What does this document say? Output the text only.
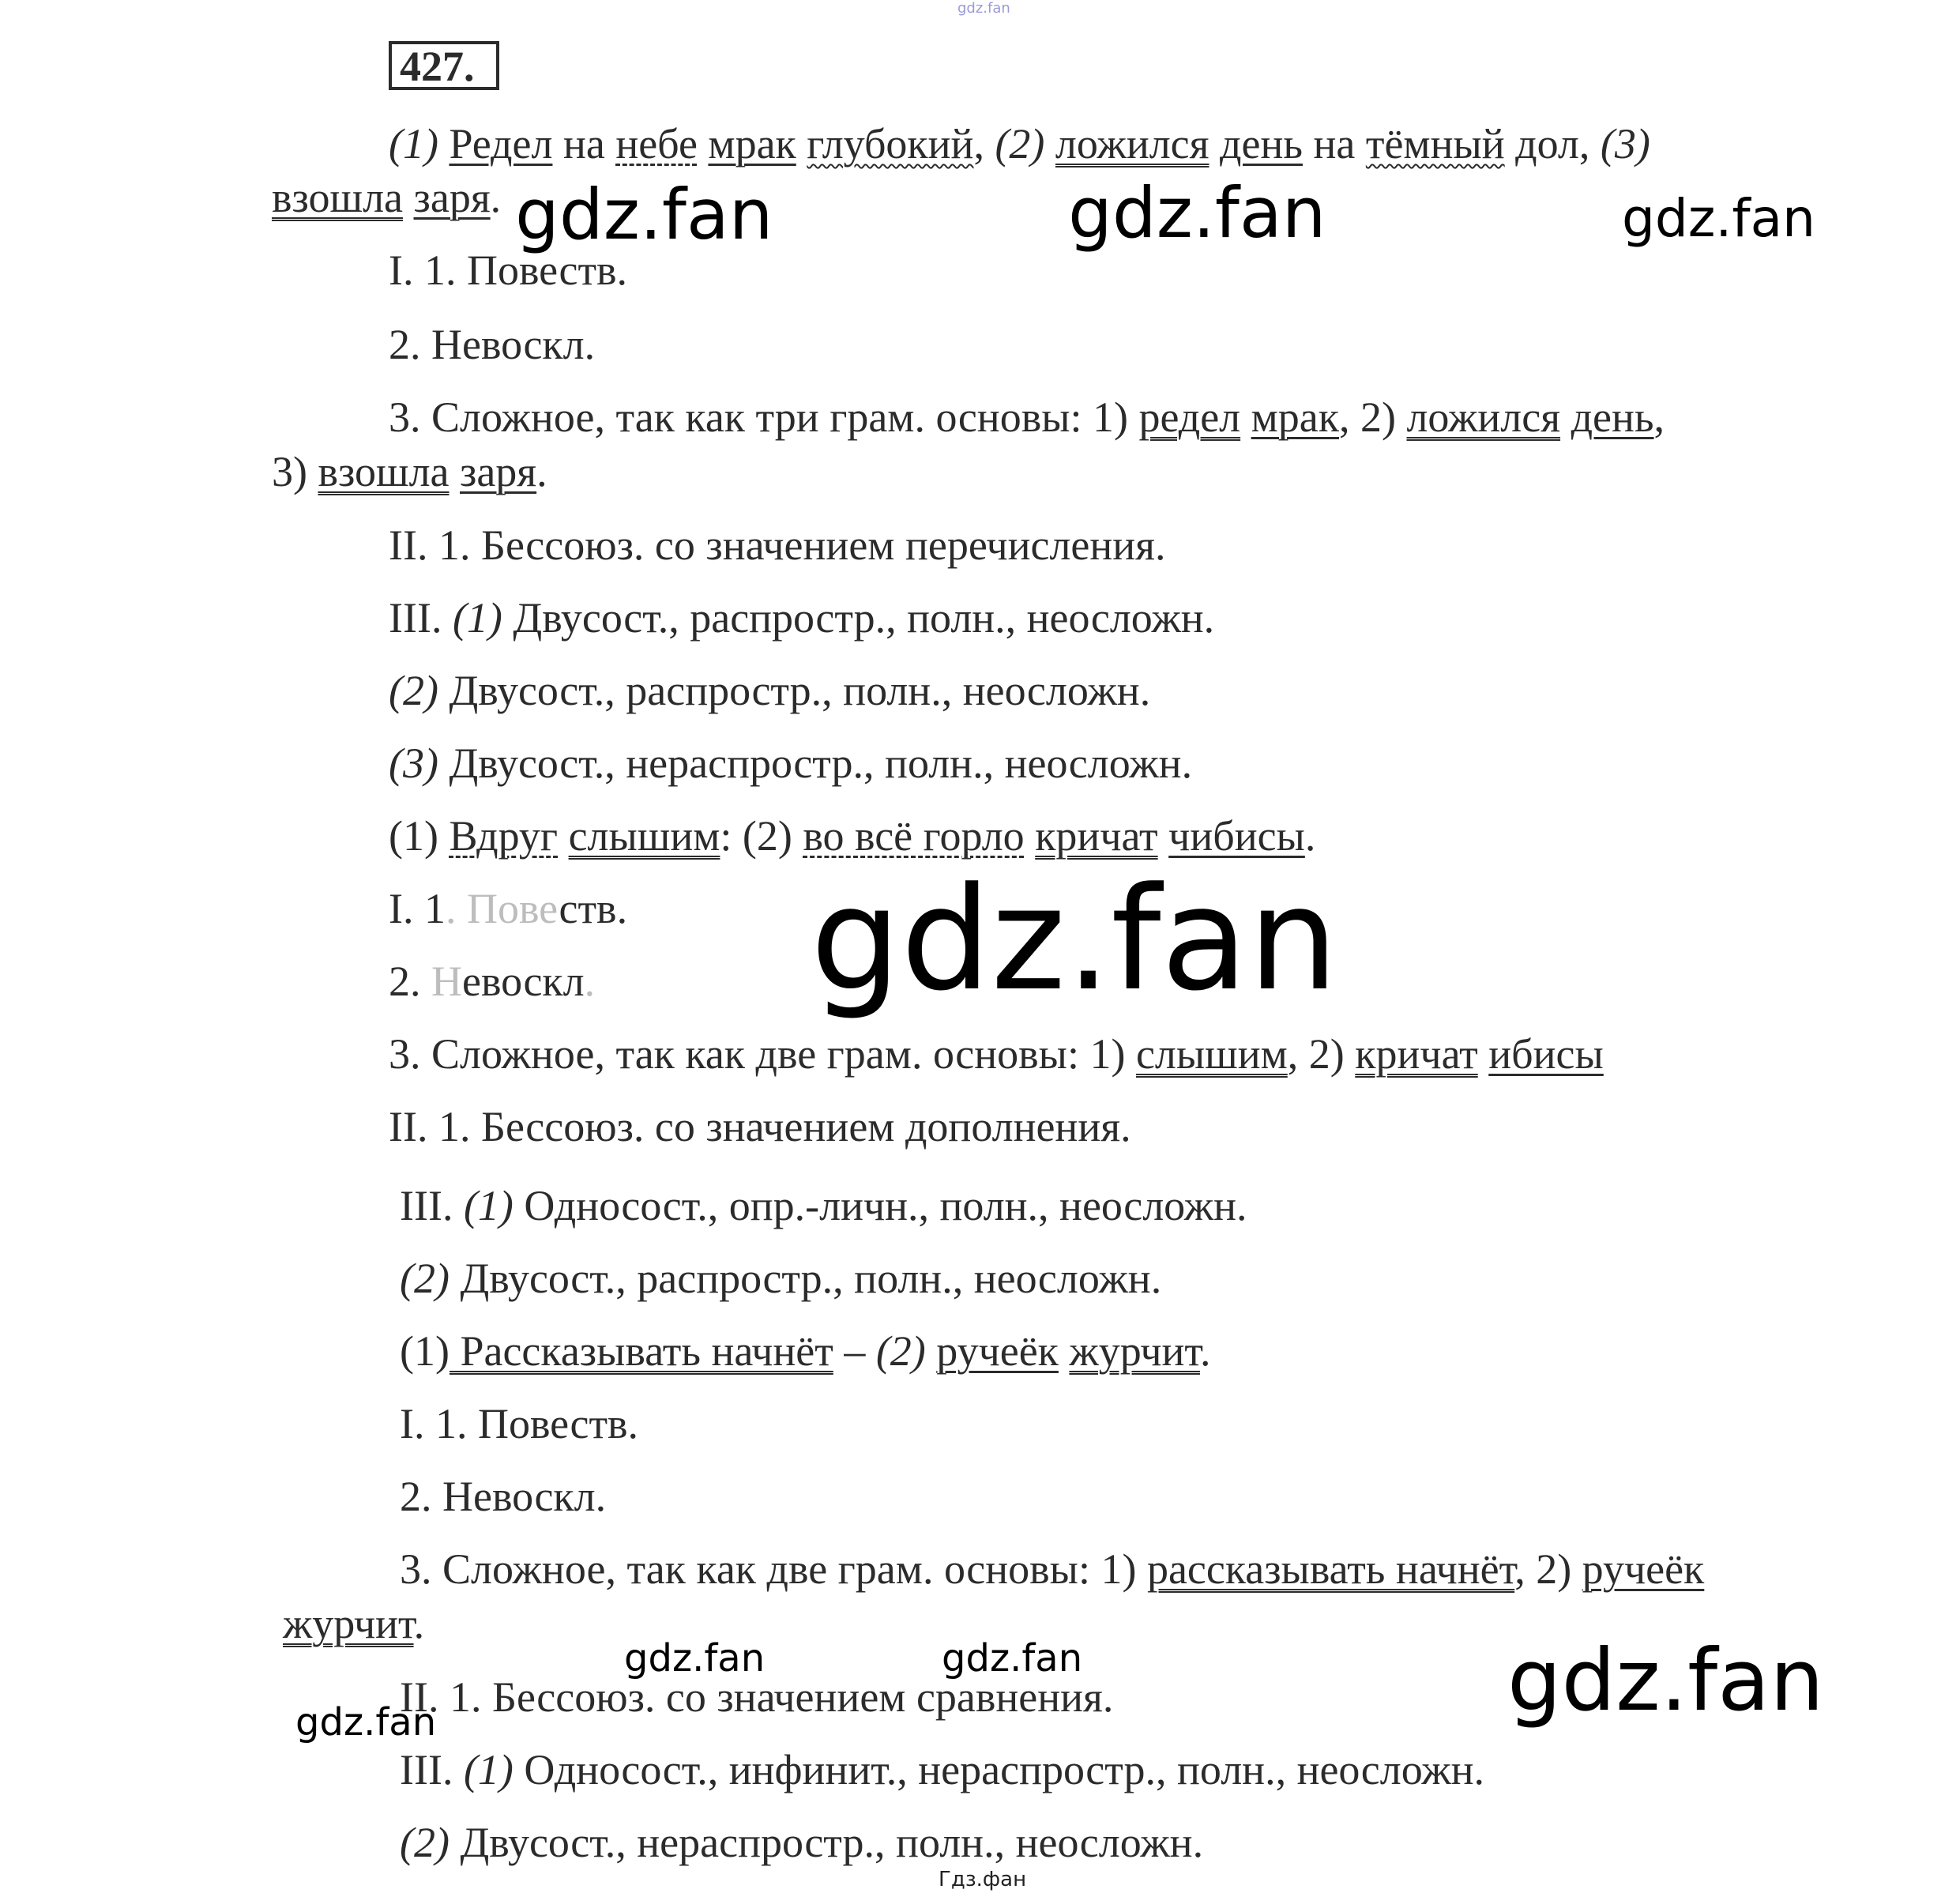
427.
(1) Редел на небе мрак глубокий, (2) ложился день на тёмный дол, (3)
взошла заря.
I. 1. Повеств.
2. Невоскл.
3. Сложное, так как три грам. основы: 1) редел мрак, 2) ложился день,
3) взошла заря.
II. 1. Бессоюз. со значением перечисления.
III. (1) Двусост., распростр., полн., неосложн.
(2) Двусост., распростр., полн., неосложн.
(3) Двусост., нераспростр., полн., неосложн.
(1) Вдруг слышим: (2) во всё горло кричат чибисы.
I. 1. Повеств.
2. Невоскл.
3. Сложное, так как две грам. основы: 1) слышим, 2) кричат ибисы
II. 1. Бессоюз. со значением дополнения.
III. (1) Односост., опр.-личн., полн., неосложн.
(2) Двусост., распростр., полн., неосложн.
(1) Рассказывать начнёт – (2) ручеёк журчит.
I. 1. Повеств.
2. Невоскл.
3. Сложное, так как две грам. основы: 1) рассказывать начнёт, 2) ручеёк
журчит.
II. 1. Бессоюз. со значением сравнения.
III. (1) Односост., инфинит., нераспростр., полн., неосложн.
(2) Двусост., нераспростр., полн., неосложн.
gdz.fan
gdz.fan	gdz.fan	gdz.fan
gdz.fan
gdz.fan	gdz.fan
gdz.fan	gdz.fan
Гдз.фан
